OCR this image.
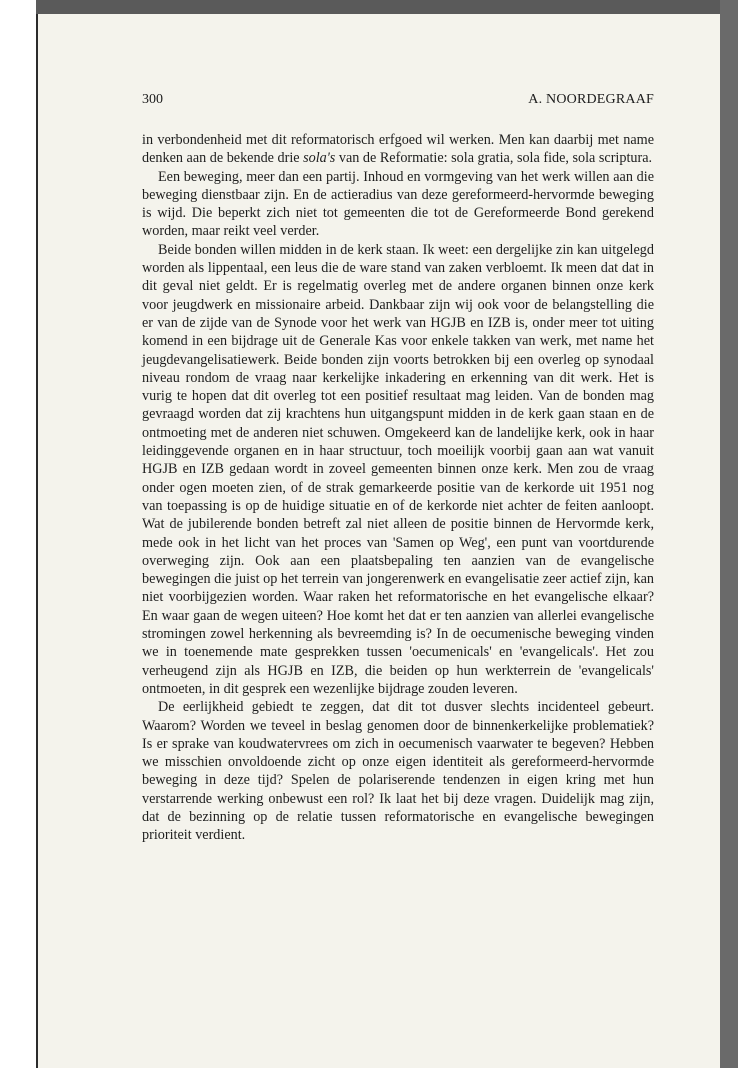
300	A. NOORDEGRAAF

in verbondenheid met dit reformatorisch erfgoed wil werken. Men kan daarbij met name denken aan de bekende drie sola's van de Reformatie: sola gratia, sola fide, sola scriptura.

Een beweging, meer dan een partij. Inhoud en vormgeving van het werk willen aan die beweging dienstbaar zijn. En de actieradius van deze gereformeerd-hervormde beweging is wijd. Die beperkt zich niet tot gemeenten die tot de Gereformeerde Bond gerekend worden, maar reikt veel verder.

Beide bonden willen midden in de kerk staan. Ik weet: een dergelijke zin kan uitgelegd worden als lippentaal, een leus die de ware stand van zaken verbloemt. Ik meen dat dat in dit geval niet geldt. Er is regelmatig overleg met de andere organen binnen onze kerk voor jeugdwerk en missionaire arbeid. Dankbaar zijn wij ook voor de belangstelling die er van de zijde van de Synode voor het werk van HGJB en IZB is, onder meer tot uiting komend in een bijdrage uit de Generale Kas voor enkele takken van werk, met name het jeugdevangelisatiewerk. Beide bonden zijn voorts betrokken bij een overleg op synodaal niveau rondom de vraag naar kerkelijke inkadering en erkenning van dit werk. Het is vurig te hopen dat dit overleg tot een positief resultaat mag leiden. Van de bonden mag gevraagd worden dat zij krachtens hun uitgangspunt midden in de kerk gaan staan en de ontmoeting met de anderen niet schuwen. Omgekeerd kan de landelijke kerk, ook in haar leidinggevende organen en in haar structuur, toch moeilijk voorbij gaan aan wat vanuit HGJB en IZB gedaan wordt in zoveel gemeenten binnen onze kerk. Men zou de vraag onder ogen moeten zien, of de strak gemarkeerde positie van de kerkorde uit 1951 nog van toepassing is op de huidige situatie en of de kerkorde niet achter de feiten aanloopt. Wat de jubilerende bonden betreft zal niet alleen de positie binnen de Hervormde kerk, mede ook in het licht van het proces van 'Samen op Weg', een punt van voortdurende overweging zijn. Ook aan een plaatsbepaling ten aanzien van de evangelische bewegingen die juist op het terrein van jongerenwerk en evangelisatie zeer actief zijn, kan niet voorbijgezien worden. Waar raken het reformatorische en het evangelische elkaar? En waar gaan de wegen uiteen? Hoe komt het dat er ten aanzien van allerlei evangelische stromingen zowel herkenning als bevreemding is? In de oecumenische beweging vinden we in toenemende mate gesprekken tussen 'oecumenicals' en 'evangelicals'. Het zou verheugend zijn als HGJB en IZB, die beiden op hun werkterrein de 'evangelicals' ontmoeten, in dit gesprek een wezenlijke bijdrage zouden leveren.

De eerlijkheid gebiedt te zeggen, dat dit tot dusver slechts incidenteel gebeurt. Waarom? Worden we teveel in beslag genomen door de binnenkerkelijke problematiek? Is er sprake van koudwatervrees om zich in oecumenisch vaarwater te begeven? Hebben we misschien onvoldoende zicht op onze eigen identiteit als gereformeerd-hervormde beweging in deze tijd? Spelen de polariserende tendenzen in eigen kring met hun verstarrende werking onbewust een rol? Ik laat het bij deze vragen. Duidelijk mag zijn, dat de bezinning op de relatie tussen reformatorische en evangelische bewegingen prioriteit verdient.
